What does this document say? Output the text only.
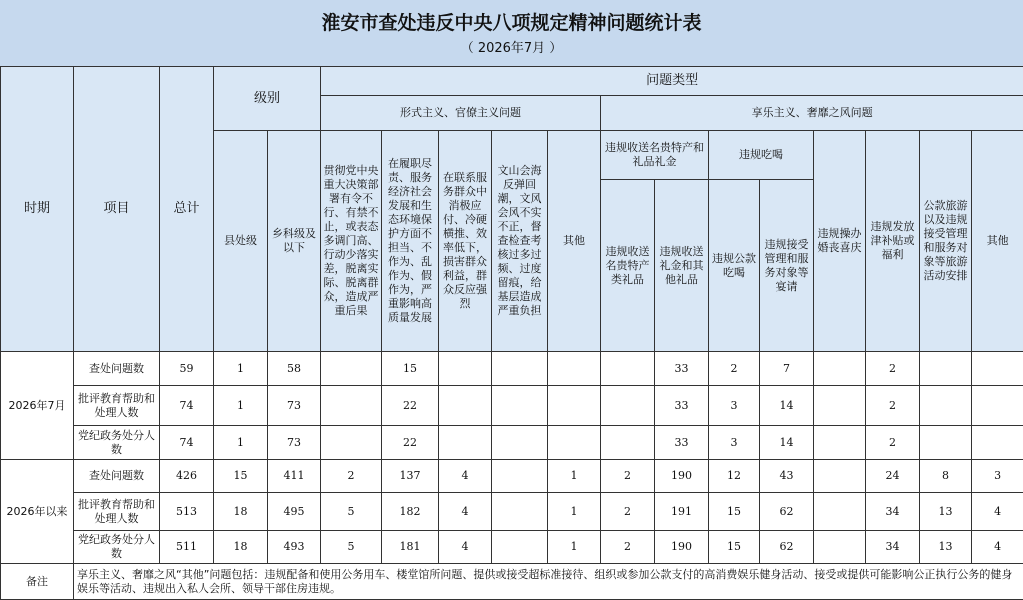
淮安市查处违反中央八项规定精神问题统计表
（ 2026年7月 ）
时期	项目	总计	级别		问题类型												
					形式主义、官僚主义问题					享乐主义、奢靡之风问题							
			县处级	乡科级及以下	贯彻党中央重大决策部署有令不行、有禁不止，或表态多调门高、行动少落实差，脱离实际、脱离群众，造成严重后果	在履职尽责、服务经济社会发展和生态环境保护方面不担当、不作为、乱作为、假作为，严重影响高质量发展	在联系服务群众中消极应付、冷硬横推、效率低下，损害群众利益，群众反应强烈	文山会海反弹回潮，文风会风不实不正，督查检查考核过多过频、过度留痕，给基层造成严重负担	其他	违规收送名贵特产和礼品礼金		违规吃喝		违规操办婚丧喜庆	违规发放津补贴或福利	公款旅游以及违规接受管理和服务对象等旅游活动安排	其他
										违规收送名贵特产类礼品	违规收送礼金和其他礼品	违规公款吃喝	违规接受管理和服务对象等宴请				
2026年7月	查处问题数	59	1	58		15					33	2	7		2		
	批评教育帮助和处理人数	74	1	73		22					33	3	14		2		
	党纪政务处分人数	74	1	73		22					33	3	14		2		
2026年以来	查处问题数	426	15	411	2	137	4		1	2	190	12	43		24	8	3
	批评教育帮助和处理人数	513	18	495	5	182	4		1	2	191	15	62		34	13	4
	党纪政务处分人数	511	18	493	5	181	4		1	2	190	15	62		34	13	4
备注	享乐主义、奢靡之风“其他”问题包括：违规配备和使用公务用车、楼堂馆所问题、提供或接受超标准接待、组织或参加公款支付的高消费娱乐健身活动、接受或提供可能影响公正执行公务的健身娱乐等活动、违规出入私人会所、领导干部住房违规。																
